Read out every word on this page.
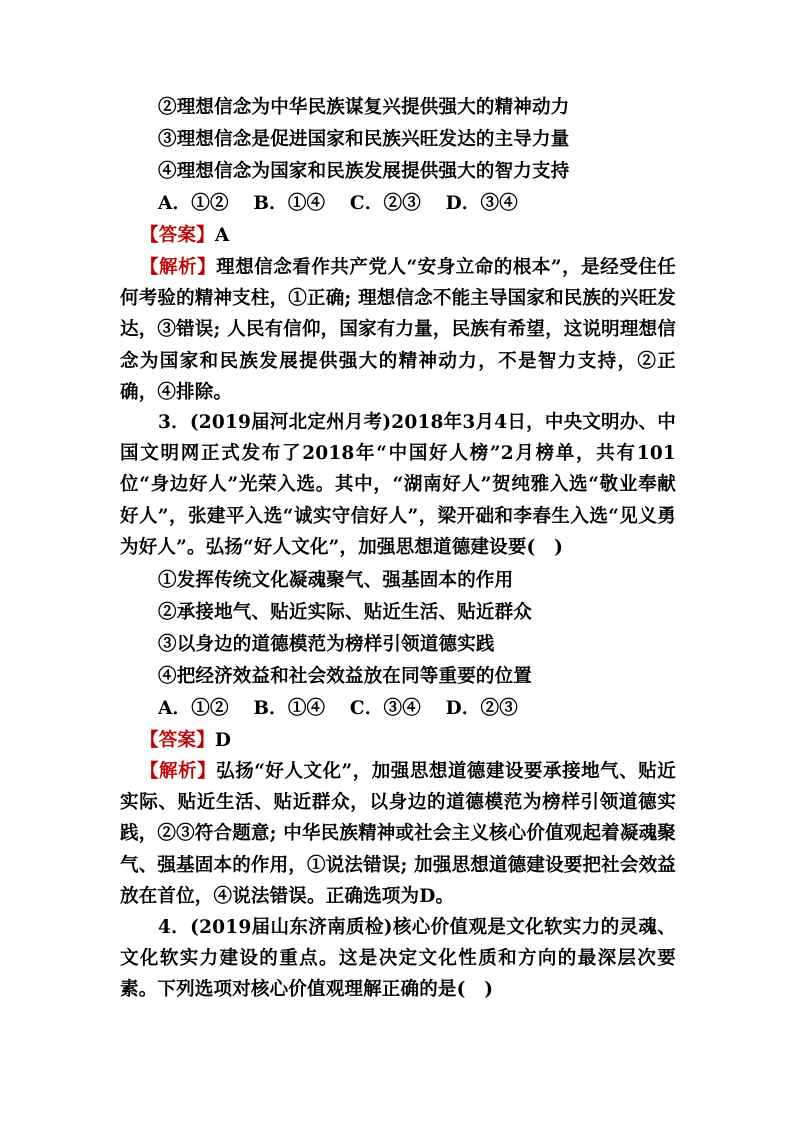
②理想信念为中华民族谋复兴提供强大的精神动力
③理想信念是促进国家和民族兴旺发达的主导力量
④理想信念为国家和民族发展提供强大的智力支持
A．①② B．①④ C．②③ D．③④
【答案】A
【解析】理想信念看作共产党人“安身立命的根本”，是经受住任何考验的精神支柱，①正确; 理想信念不能主导国家和民族的兴旺发达，③错误; 人民有信仰，国家有力量，民族有希望，这说明理想信念为国家和民族发展提供强大的精神动力，不是智力支持，②正确，④排除。
3．(2019届河北定州月考)2018年3月4日，中央文明办、中国文明网正式发布了2018年“中国好人榜”2月榜单，共有101位“身边好人”光荣入选。其中，“湖南好人”贺纯雅入选“敬业奉献好人”，张建平入选“诚实守信好人”，梁开础和李春生入选“见义勇为好人”。弘扬“好人文化”，加强思想道德建设要(　)
①发挥传统文化凝魂聚气、强基固本的作用
②承接地气、贴近实际、贴近生活、贴近群众
③以身边的道德模范为榜样引领道德实践
④把经济效益和社会效益放在同等重要的位置
A．①② B．①④ C．③④ D．②③
【答案】D
【解析】弘扬“好人文化”，加强思想道德建设要承接地气、贴近实际、贴近生活、贴近群众，以身边的道德模范为榜样引领道德实践，②③符合题意; 中华民族精神或社会主义核心价值观起着凝魂聚气、强基固本的作用，①说法错误; 加强思想道德建设要把社会效益放在首位，④说法错误。正确选项为D。
4．(2019届山东济南质检)核心价值观是文化软实力的灵魂、文化软实力建设的重点。这是决定文化性质和方向的最深层次要素。下列选项对核心价值观理解正确的是(　)
